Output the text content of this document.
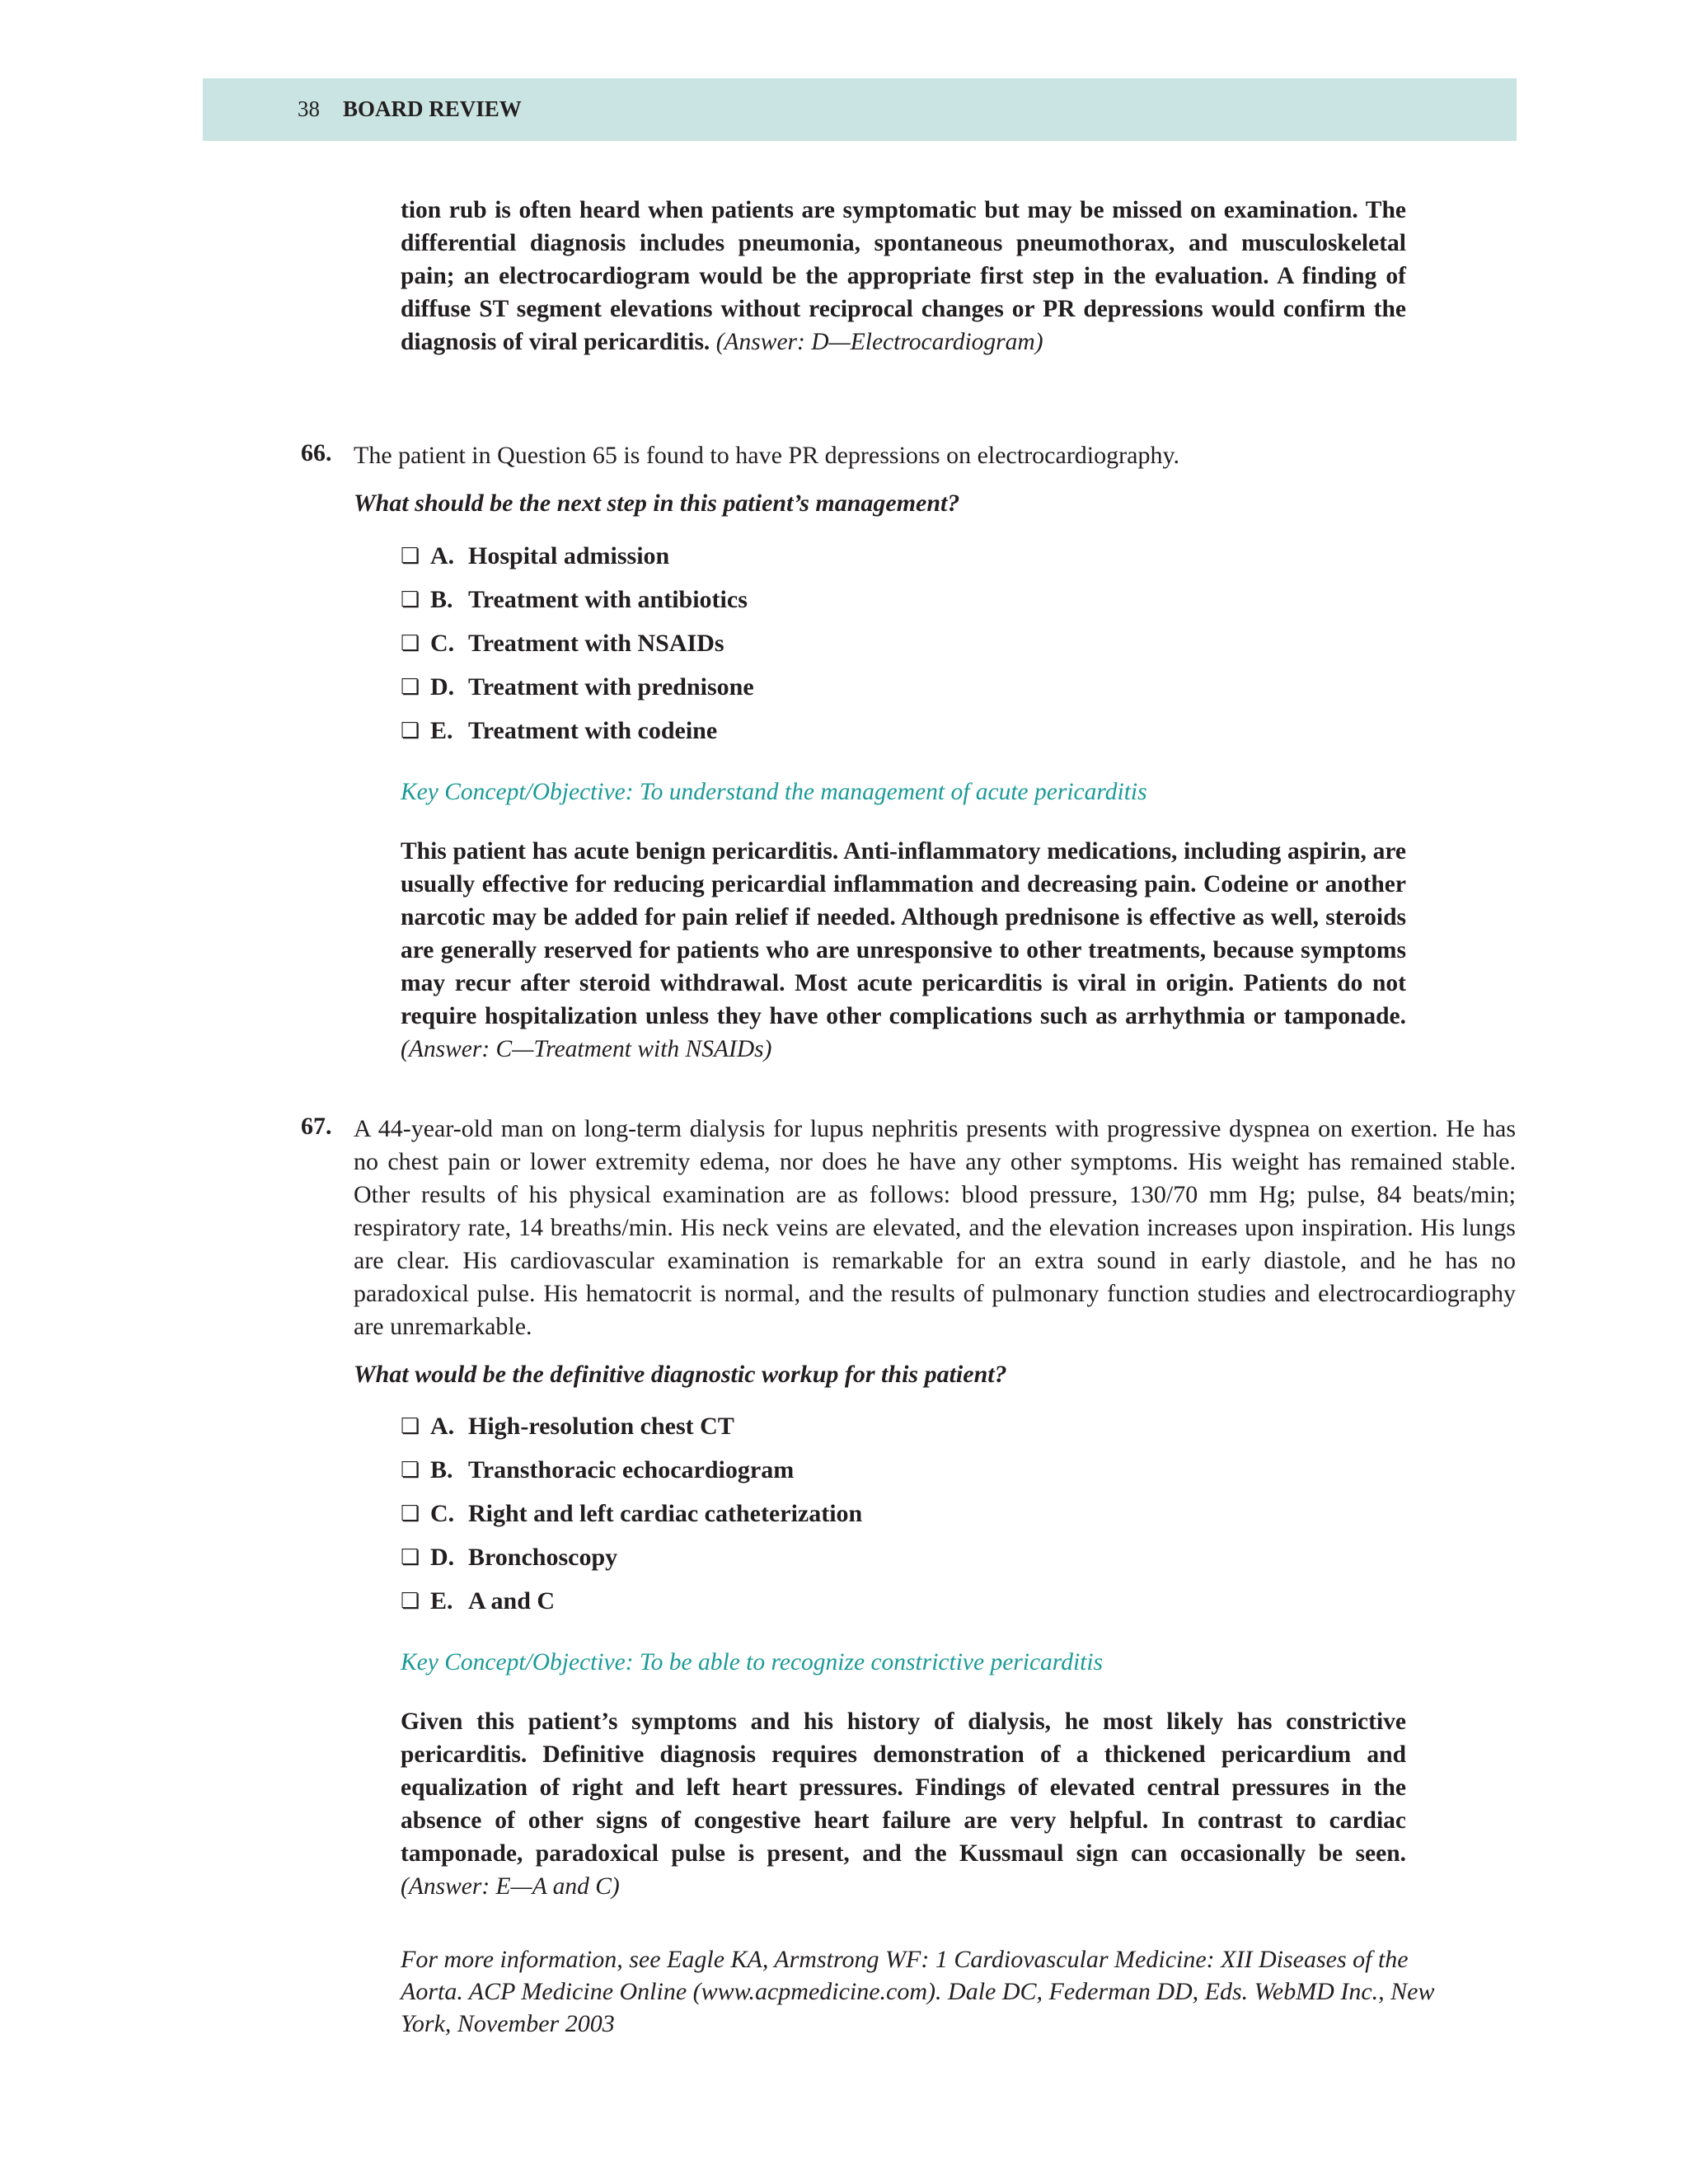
38 BOARD REVIEW
tion rub is often heard when patients are symptomatic but may be missed on examination. The differential diagnosis includes pneumonia, spontaneous pneumothorax, and musculoskeletal pain; an electrocardiogram would be the appropriate first step in the evaluation. A finding of diffuse ST segment elevations without reciprocal changes or PR depressions would confirm the diagnosis of viral pericarditis. (Answer: D—Electrocardiogram)
66. The patient in Question 65 is found to have PR depressions on electrocardiography.
What should be the next step in this patient’s management?
❏ A. Hospital admission
❏ B. Treatment with antibiotics
❏ C. Treatment with NSAIDs
❏ D. Treatment with prednisone
❏ E. Treatment with codeine
Key Concept/Objective: To understand the management of acute pericarditis
This patient has acute benign pericarditis. Anti-inflammatory medications, including aspirin, are usually effective for reducing pericardial inflammation and decreasing pain. Codeine or another narcotic may be added for pain relief if needed. Although prednisone is effective as well, steroids are generally reserved for patients who are unresponsive to other treatments, because symptoms may recur after steroid withdrawal. Most acute pericarditis is viral in origin. Patients do not require hospitalization unless they have other complications such as arrhythmia or tamponade. (Answer: C—Treatment with NSAIDs)
67. A 44-year-old man on long-term dialysis for lupus nephritis presents with progressive dyspnea on exertion. He has no chest pain or lower extremity edema, nor does he have any other symptoms. His weight has remained stable. Other results of his physical examination are as follows: blood pressure, 130/70 mm Hg; pulse, 84 beats/min; respiratory rate, 14 breaths/min. His neck veins are elevated, and the elevation increases upon inspiration. His lungs are clear. His cardiovascular examination is remarkable for an extra sound in early diastole, and he has no paradoxical pulse. His hematocrit is normal, and the results of pulmonary function studies and electrocardiography are unremarkable.
What would be the definitive diagnostic workup for this patient?
❏ A. High-resolution chest CT
❏ B. Transthoracic echocardiogram
❏ C. Right and left cardiac catheterization
❏ D. Bronchoscopy
❏ E. A and C
Key Concept/Objective: To be able to recognize constrictive pericarditis
Given this patient’s symptoms and his history of dialysis, he most likely has constrictive pericarditis. Definitive diagnosis requires demonstration of a thickened pericardium and equalization of right and left heart pressures. Findings of elevated central pressures in the absence of other signs of congestive heart failure are very helpful. In contrast to cardiac tamponade, paradoxical pulse is present, and the Kussmaul sign can occasionally be seen. (Answer: E—A and C)
For more information, see Eagle KA, Armstrong WF: 1 Cardiovascular Medicine: XII Diseases of the Aorta. ACP Medicine Online (www.acpmedicine.com). Dale DC, Federman DD, Eds. WebMD Inc., New York, November 2003
